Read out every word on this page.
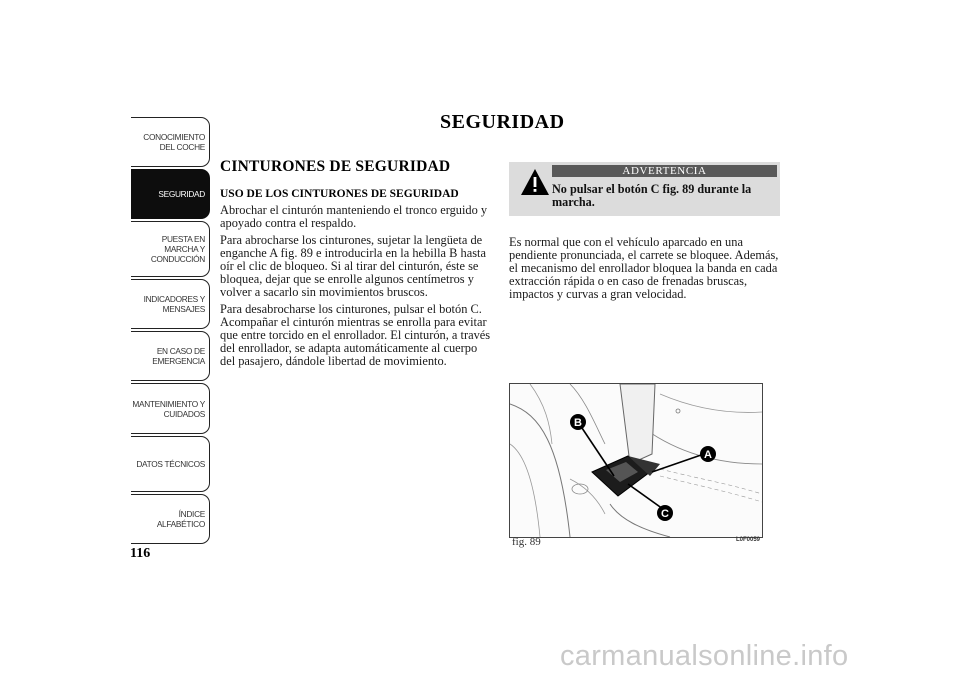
CONOCIMIENTO
DEL COCHE
SEGURIDAD
PUESTA EN
MARCHA Y
CONDUCCIÓN
INDICADORES Y
MENSAJES
EN CASO DE
EMERGENCIA
MANTENIMIENTO Y
CUIDADOS
DATOS TÉCNICOS
ÍNDICE
ALFABÉTICO
116
SEGURIDAD
CINTURONES DE SEGURIDAD
USO DE LOS CINTURONES DE SEGURIDAD

Abrochar el cinturón manteniendo el tronco erguido y apoyado contra el respaldo.

Para abrocharse los cinturones, sujetar la lengüeta de enganche A fig. 89 e introducirla en la hebilla B hasta oír el clic de bloqueo. Si al tirar del cinturón, éste se bloquea, dejar que se enrolle algunos centímetros y volver a sacarlo sin movimientos bruscos.

Para desabrocharse los cinturones, pulsar el botón C. Acompañar el cinturón mientras se enrolla para evitar que entre torcido en el enrollador. El cinturón, a través del enrollador, se adapta automáticamente al cuerpo del pasajero, dándole libertad de movimiento.

ADVERTENCIA
No pulsar el botón C fig. 89 durante la marcha.

Es normal que con el vehículo aparcado en una pendiente pronunciada, el carrete se bloquee. Además, el mecanismo del enrollador bloquea la banda en cada extracción rápida o en caso de frenadas bruscas, impactos y curvas a gran velocidad.

B
A
C
fig. 89	L0F0059
carmanualsonline.info
